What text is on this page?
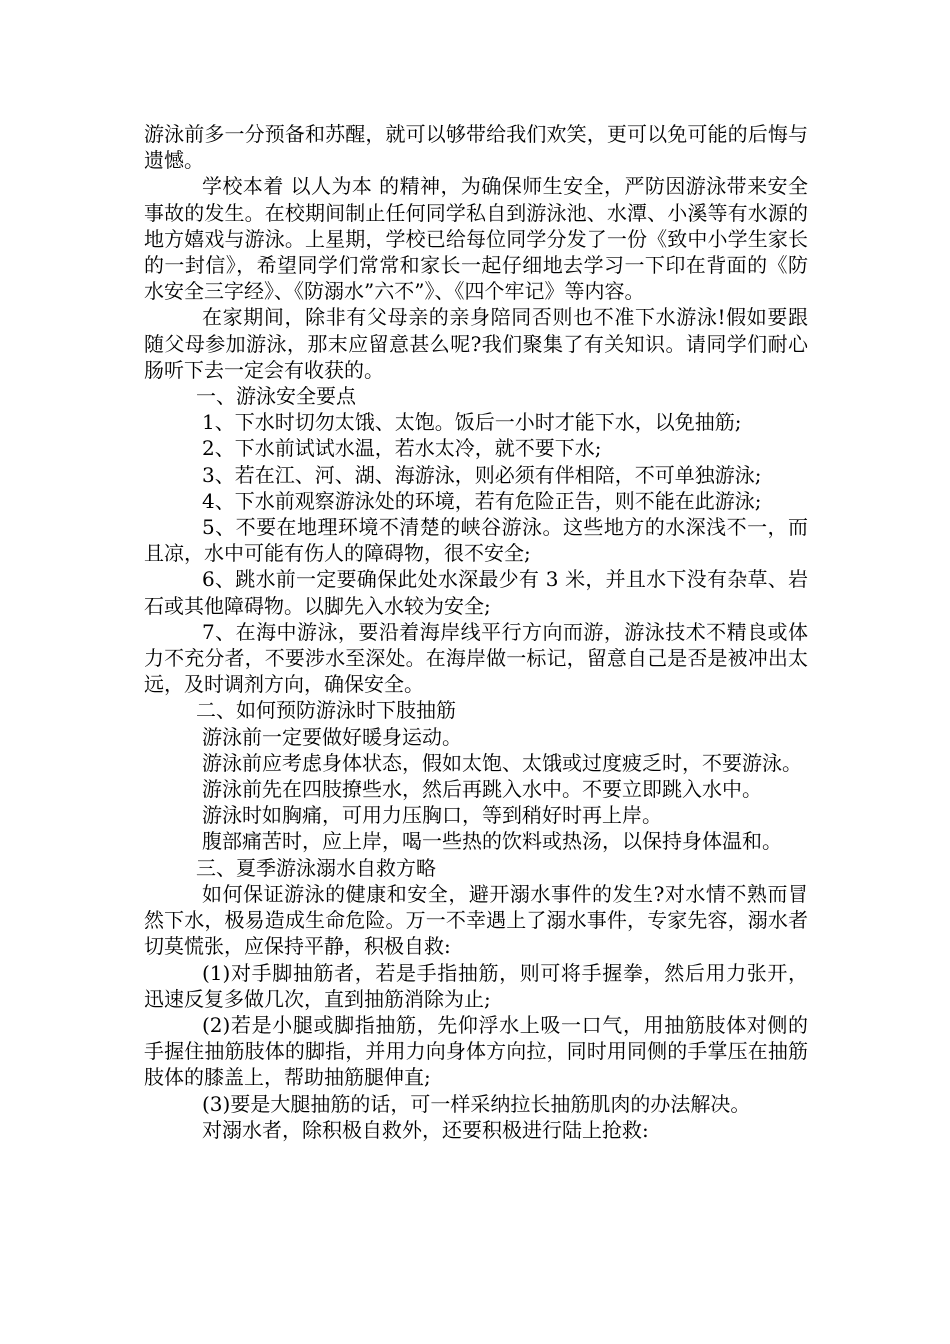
游泳前多一分预备和苏醒，就可以够带给我们欢笑，更可以免可能的后悔与遗憾。

学校本着 以人为本 的精神，为确保师生安全，严防因游泳带来安全事故的发生。在校期间制止任何同学私自到游泳池、水潭、小溪等有水源的地方嬉戏与游泳。上星期，学校已给每位同学分发了一份《致中小学生家长的一封信》，希望同学们常常和家长一起仔细地去学习一下印在背面的《防水安全三字经》、《防溺水”六不”》、《四个牢记》等内容。

在家期间，除非有父母亲的亲身陪同否则也不准下水游泳!假如要跟随父母参加游泳，那末应留意甚么呢?我们聚集了有关知识。请同学们耐心肠听下去一定会有收获的。

一、游泳安全要点

1、下水时切勿太饿、太饱。饭后一小时才能下水，以免抽筋;

2、下水前试试水温，若水太冷，就不要下水;

3、若在江、河、湖、海游泳，则必须有伴相陪，不可单独游泳;

4、下水前观察游泳处的环境，若有危险正告，则不能在此游泳;

5、不要在地理环境不清楚的峡谷游泳。这些地方的水深浅不一，而且凉，水中可能有伤人的障碍物，很不安全;

6、跳水前一定要确保此处水深最少有 3 米，并且水下没有杂草、岩石或其他障碍物。以脚先入水较为安全;

7、在海中游泳，要沿着海岸线平行方向而游，游泳技术不精良或体力不充分者，不要涉水至深处。在海岸做一标记，留意自己是否是被冲出太远，及时调剂方向，确保安全。

二、如何预防游泳时下肢抽筋

游泳前一定要做好暖身运动。

游泳前应考虑身体状态，假如太饱、太饿或过度疲乏时，不要游泳。

游泳前先在四肢撩些水，然后再跳入水中。不要立即跳入水中。

游泳时如胸痛，可用力压胸口，等到稍好时再上岸。

腹部痛苦时，应上岸，喝一些热的饮料或热汤，以保持身体温和。

三、夏季游泳溺水自救方略

如何保证游泳的健康和安全，避开溺水事件的发生?对水情不熟而冒然下水，极易造成生命危险。万一不幸遇上了溺水事件，专家先容，溺水者切莫慌张，应保持平静，积极自救:

(1)对手脚抽筋者，若是手指抽筋，则可将手握拳，然后用力张开，迅速反复多做几次，直到抽筋消除为止;

(2)若是小腿或脚指抽筋，先仰浮水上吸一口气，用抽筋肢体对侧的手握住抽筋肢体的脚指，并用力向身体方向拉，同时用同侧的手掌压在抽筋肢体的膝盖上，帮助抽筋腿伸直;

(3)要是大腿抽筋的话，可一样采纳拉长抽筋肌肉的办法解决。

对溺水者，除积极自救外，还要积极进行陆上抢救:
